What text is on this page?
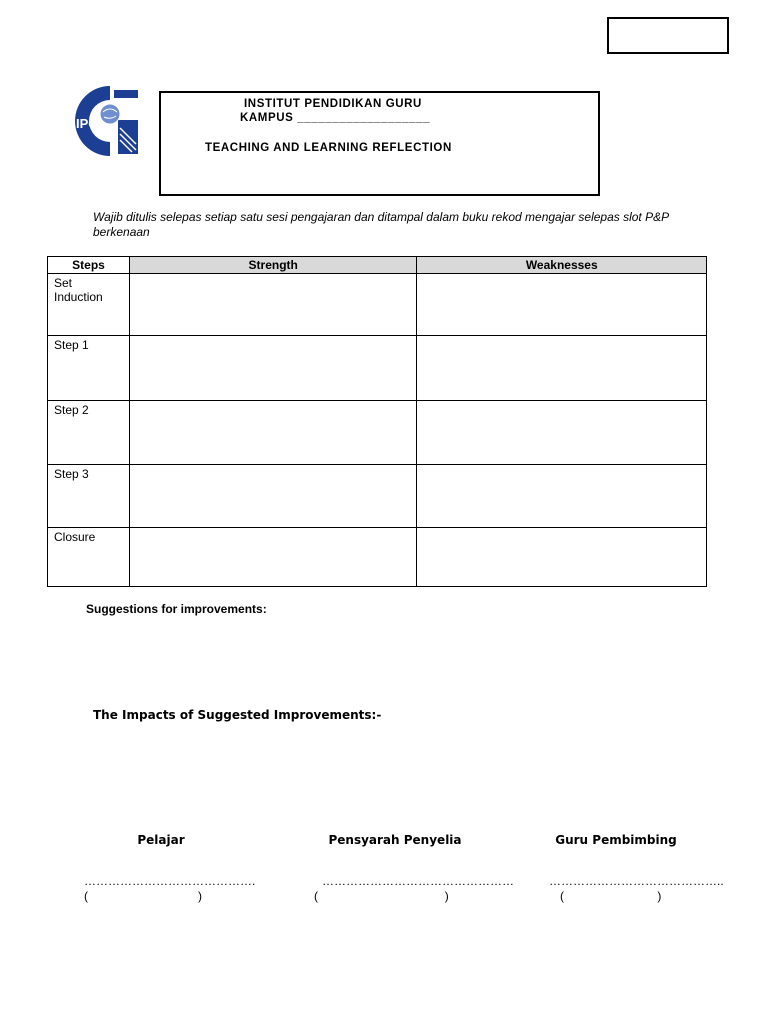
IPG
INSTITUT PENDIDIKAN GURU
KAMPUS ___________________
TEACHING AND LEARNING REFLECTION
Wajib ditulis selepas setiap satu sesi pengajaran dan ditampal dalam buku rekod mengajar selepas slot P&P berkenaan
Steps	Strength	Weaknesses
Set Induction		
Step 1		
Step 2		
Step 3		
Closure		
Suggestions for improvements:
The Impacts of Suggested Improvements:-
Pelajar	Pensyarah Penyelia	Guru Pembimbing
…………………………………….	…………………………………………	……………………………………..
(                                 )	(                                      )	(                            )
